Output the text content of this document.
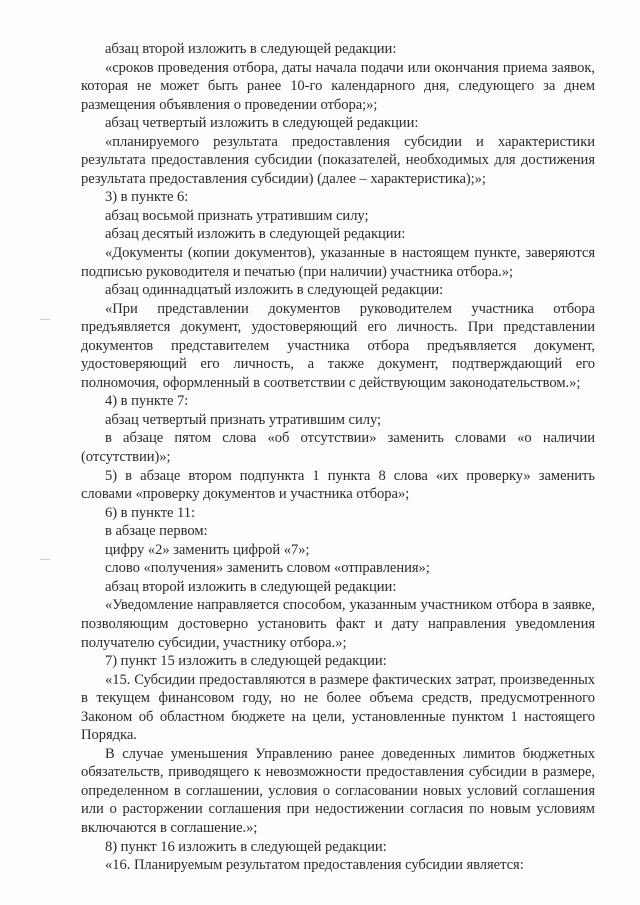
﹏
﹏

абзац второй изложить в следующей редакции:

«сроков проведения отбора, даты начала подачи или окончания приема заявок, которая не может быть ранее 10-го календарного дня, следующего за днем размещения объявления о проведении отбора;»;

абзац четвертый изложить в следующей редакции:

«планируемого результата предоставления субсидии и характеристики результата предоставления субсидии (показателей, необходимых для достижения результата предоставления субсидии) (далее – характеристика);»;

3) в пункте 6:

абзац восьмой признать утратившим силу;

абзац десятый изложить в следующей редакции:

«Документы (копии документов), указанные в настоящем пункте, заверяются подписью руководителя и печатью (при наличии) участника отбора.»;

абзац одиннадцатый изложить в следующей редакции:

«При представлении документов руководителем участника отбора предъявляется документ, удостоверяющий его личность. При представлении документов представителем участника отбора предъявляется документ, удостоверяющий его личность, а также документ, подтверждающий его полномочия, оформленный в соответствии с действующим законодательством.»;

4) в пункте 7:

абзац четвертый признать утратившим силу;

в абзаце пятом слова «об отсутствии» заменить словами «о наличии (отсутствии)»;

5) в абзаце втором подпункта 1 пункта 8 слова «их проверку» заменить словами «проверку документов и участника отбора»;

6) в пункте 11:

в абзаце первом:

цифру «2» заменить цифрой «7»;

слово «получения» заменить словом «отправления»;

абзац второй изложить в следующей редакции:

«Уведомление направляется способом, указанным участником отбора в заявке, позволяющим достоверно установить факт и дату направления уведомления получателю субсидии, участнику отбора.»;

7) пункт 15 изложить в следующей редакции:

«15. Субсидии предоставляются в размере фактических затрат, произведенных в текущем финансовом году, но не более объема средств, предусмотренного Законом об областном бюджете на цели, установленные пунктом 1 настоящего Порядка.

В случае уменьшения Управлению ранее доведенных лимитов бюджетных обязательств, приводящего к невозможности предоставления субсидии в размере, определенном в соглашении, условия о согласовании новых условий соглашения или о расторжении соглашения при недостижении согласия по новым условиям включаются в соглашение.»;

8) пункт 16 изложить в следующей редакции:

«16. Планируемым результатом предоставления субсидии является:
